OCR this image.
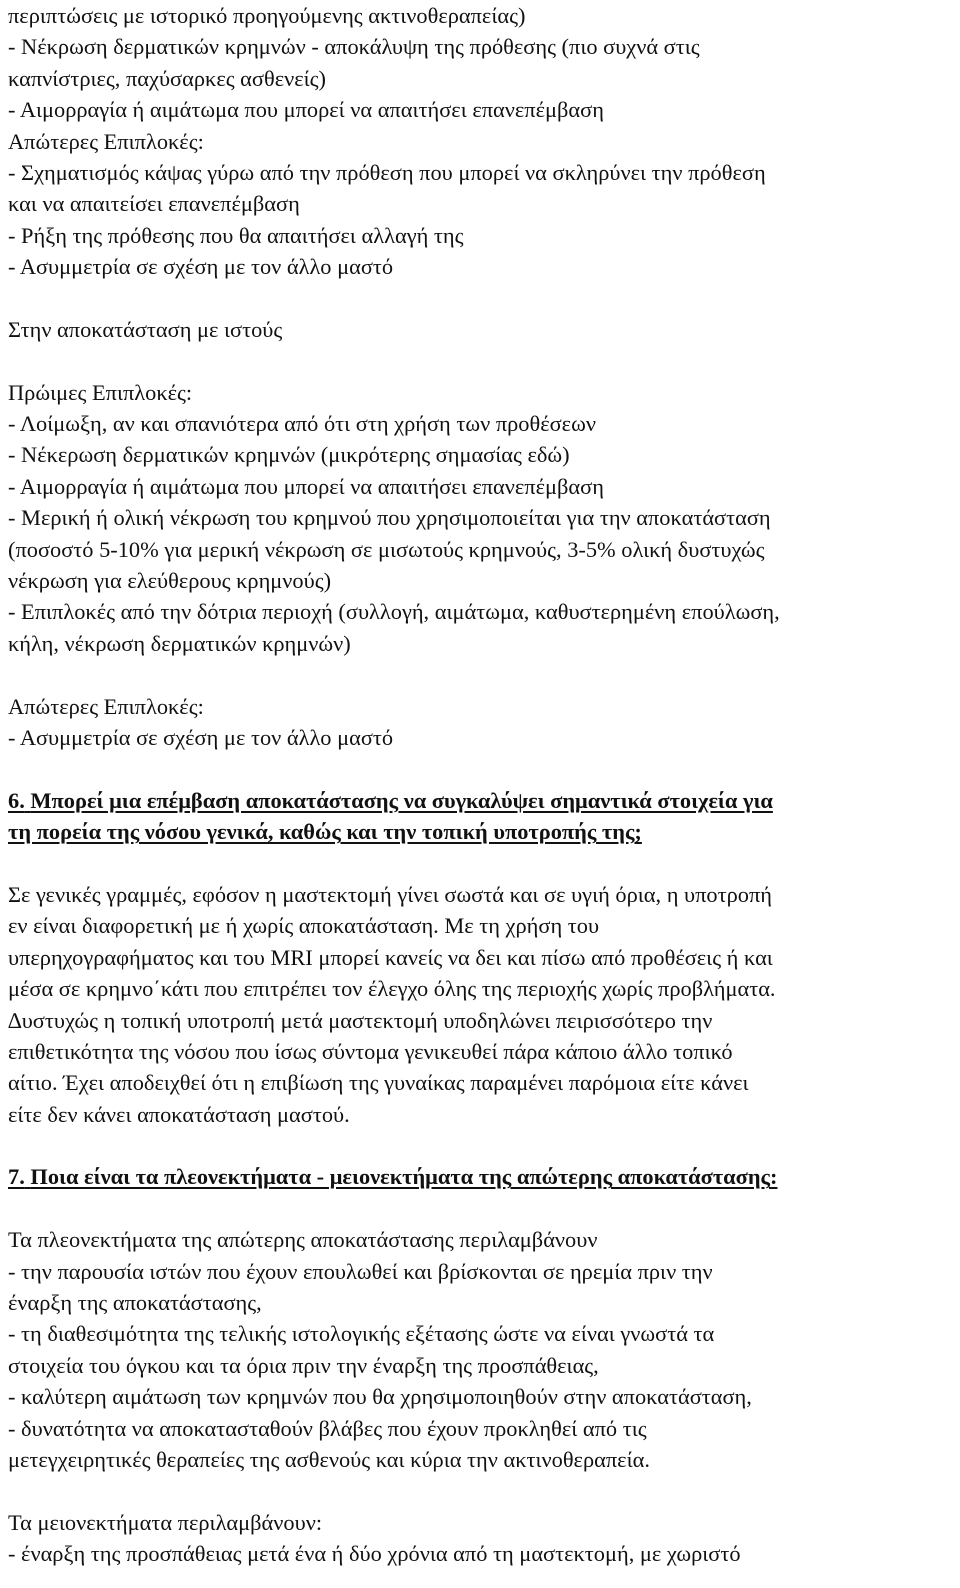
περιπτώσεις με ιστορικό προηγούμενης ακτινοθεραπείας)
- Νέκρωση δερματικών κρημνών - αποκάλυψη της πρόθεσης (πιο συχνά στις
καπνίστριες, παχύσαρκες ασθενείς)
- Αιμορραγία ή αιμάτωμα που μπορεί να απαιτήσει επανεπέμβαση
Απώτερες Επιπλοκές:
- Σχηματισμός κάψας γύρω από την πρόθεση που μπορεί να σκληρύνει την πρόθεση
και να απαιτείσει επανεπέμβαση
- Ρήξη της πρόθεσης που θα απαιτήσει αλλαγή της
- Ασυμμετρία σε σχέση με τον άλλο μαστό
Στην αποκατάσταση με ιστούς
Πρώιμες Επιπλοκές:
- Λοίμωξη, αν και σπανιότερα από ότι στη χρήση των προθέσεων
- Νέκερωση δερματικών κρημνών (μικρότερης σημασίας εδώ)
- Αιμορραγία ή αιμάτωμα που μπορεί να απαιτήσει επανεπέμβαση
- Μερική ή ολική νέκρωση του κρημνού που χρησιμοποιείται για την αποκατάσταση
(ποσοστό 5-10% για μερική νέκρωση σε μισωτούς κρημνούς, 3-5% ολική δυστυχώς
νέκρωση για ελεύθερους κρημνούς)
- Επιπλοκές από την δότρια περιοχή (συλλογή, αιμάτωμα, καθυστερημένη επούλωση,
κήλη, νέκρωση δερματικών κρημνών)
Απώτερες Επιπλοκές:
- Ασυμμετρία σε σχέση με τον άλλο μαστό
6. Μπορεί μια επέμβαση αποκατάστασης να συγκαλύψει σημαντικά στοιχεία για
τη πορεία της νόσου γενικά, καθώς και την τοπική υποτροπής της;
Σε γενικές γραμμές, εφόσον η μαστεκτομή γίνει σωστά και σε υγιή όρια, η υποτροπή
εν είναι διαφορετική με ή χωρίς αποκατάσταση. Με τη χρήση του
υπερηχογραφήματος και του MRI μπορεί κανείς να δει και πίσω από προθέσεις ή και
μέσα σε κρημνο΄κάτι που επιτρέπει τον έλεγχο όλης της περιοχής χωρίς προβλήματα.
∆υστυχώς η τοπική υποτροπή μετά μαστεκτομή υποδηλώνει πειρισσότερο την
επιθετικότητα της νόσου που ίσως σύντομα γενικευθεί πάρα κάποιο άλλο τοπικό
αίτιο. Έχει αποδειχθεί ότι η επιβίωση της γυναίκας παραμένει παρόμοια είτε κάνει
είτε δεν κάνει αποκατάσταση μαστού.
7. Ποια είναι τα πλεονεκτήματα - μειονεκτήματα της απώτερης αποκατάστασης:
Τα πλεονεκτήματα της απώτερης αποκατάστασης περιλαμβάνουν
- την παρουσία ιστών που έχουν επουλωθεί και βρίσκονται σε ηρεμία πριν την
έναρξη της αποκατάστασης,
- τη διαθεσιμότητα της τελικής ιστολογικής εξέτασης ώστε να είναι γνωστά τα
στοιχεία του όγκου και τα όρια πριν την έναρξη της προσπάθειας,
- καλύτερη αιμάτωση των κρημνών που θα χρησιμοποιηθούν στην αποκατάσταση,
- δυνατότητα να αποκατασταθούν βλάβες που έχουν προκληθεί από τις
μετεγχειρητικές θεραπείες της ασθενούς και κύρια την ακτινοθεραπεία.
Τα μειονεκτήματα περιλαμβάνουν:
- έναρξη της προσπάθειας μετά ένα ή δύο χρόνια από τη μαστεκτομή, με χωριστό
